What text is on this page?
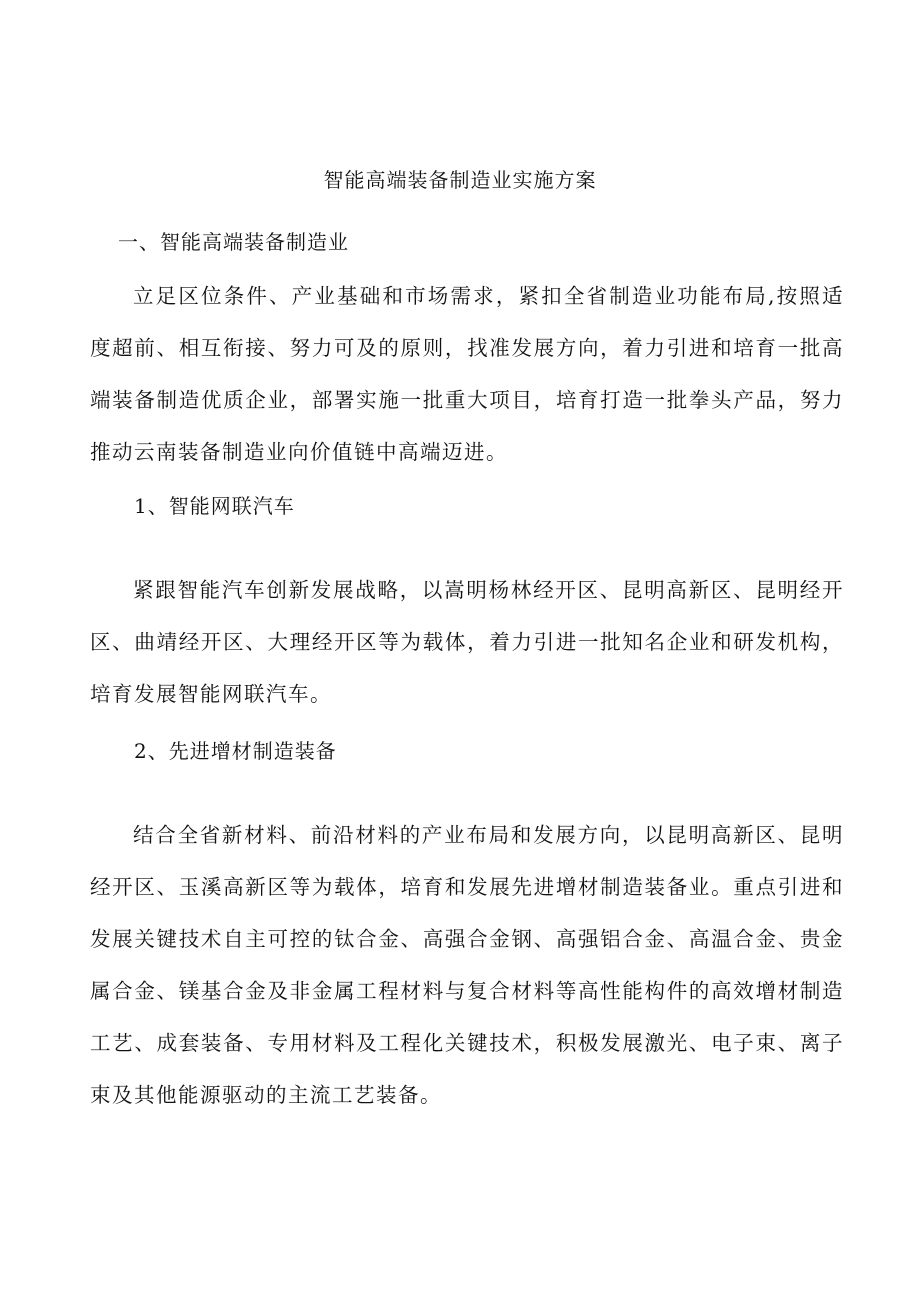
智能高端装备制造业实施方案
一、智能高端装备制造业
立足区位条件、产业基础和市场需求，紧扣全省制造业功能布局,按照适度超前、相互衔接、努力可及的原则，找准发展方向，着力引进和培育一批高端装备制造优质企业，部署实施一批重大项目，培育打造一批拳头产品，努力推动云南装备制造业向价值链中高端迈进。
1、智能网联汽车
紧跟智能汽车创新发展战略，以嵩明杨林经开区、昆明高新区、昆明经开区、曲靖经开区、大理经开区等为载体，着力引进一批知名企业和研发机构，培育发展智能网联汽车。
2、先进增材制造装备
结合全省新材料、前沿材料的产业布局和发展方向，以昆明高新区、昆明经开区、玉溪高新区等为载体，培育和发展先进增材制造装备业。重点引进和发展关键技术自主可控的钛合金、高强合金钢、高强铝合金、高温合金、贵金属合金、镁基合金及非金属工程材料与复合材料等高性能构件的高效增材制造工艺、成套装备、专用材料及工程化关键技术，积极发展激光、电子束、离子束及其他能源驱动的主流工艺装备。
